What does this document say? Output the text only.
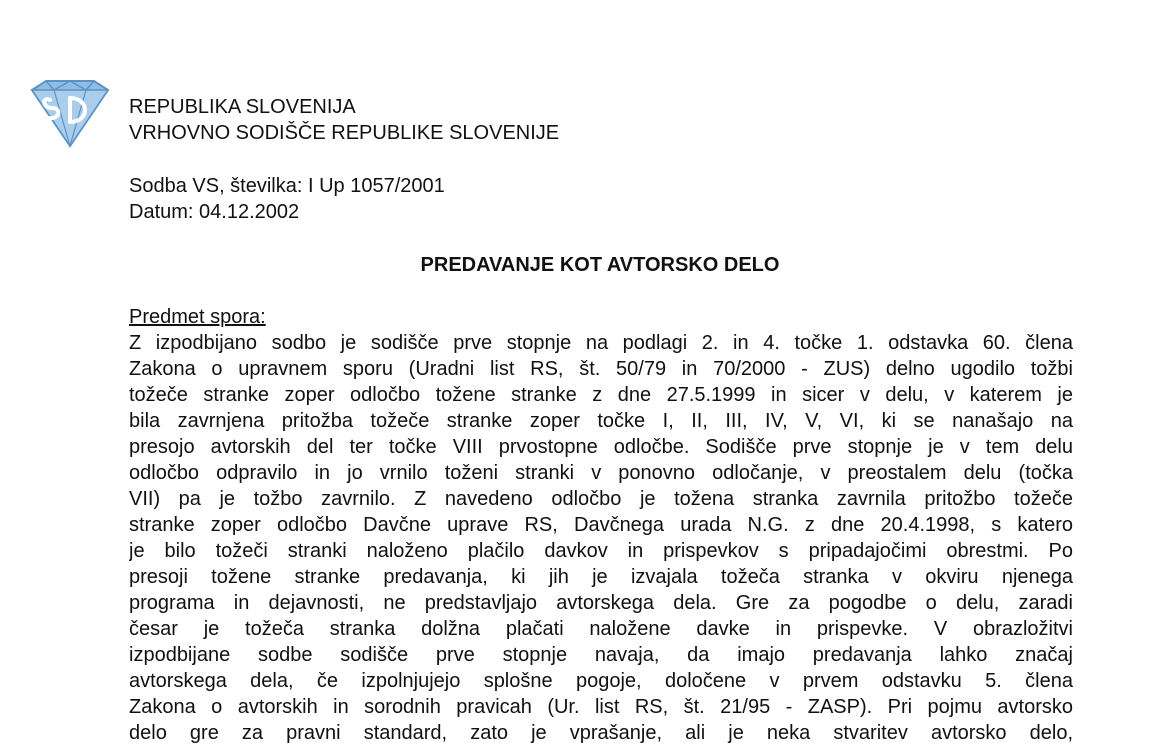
REPUBLIKA SLOVENIJA
VRHOVNO SODIŠČE REPUBLIKE SLOVENIJE
Sodba VS, številka: I Up 1057/2001
Datum: 04.12.2002
PREDAVANJE KOT AVTORSKO DELO
Predmet spora:
Z izpodbijano sodbo je sodišče prve stopnje na podlagi 2. in 4. točke 1. odstavka 60. člena
Zakona o upravnem sporu (Uradni list RS, št. 50/79 in 70/2000 - ZUS) delno ugodilo tožbi
tožeče stranke zoper odločbo tožene stranke z dne 27.5.1999 in sicer v delu, v katerem je
bila zavrnjena pritožba tožeče stranke zoper točke I, II, III, IV, V, VI, ki se nanašajo na
presojo avtorskih del ter točke VIII prvostopne odločbe. Sodišče prve stopnje je v tem delu
odločbo odpravilo in jo vrnilo toženi stranki v ponovno odločanje, v preostalem delu (točka
VII) pa je tožbo zavrnilo. Z navedeno odločbo je tožena stranka zavrnila pritožbo tožeče
stranke zoper odločbo Davčne uprave RS, Davčnega urada N.G. z dne 20.4.1998, s katero
je bilo tožeči stranki naloženo plačilo davkov in prispevkov s pripadajočimi obrestmi. Po
presoji tožene stranke predavanja, ki jih je izvajala tožeča stranka v okviru njenega
programa in dejavnosti, ne predstavljajo avtorskega dela. Gre za pogodbe o delu, zaradi
česar je tožeča stranka dolžna plačati naložene davke in prispevke. V obrazložitvi
izpodbijane sodbe sodišče prve stopnje navaja, da imajo predavanja lahko značaj
avtorskega dela, če izpolnjujejo splošne pogoje, določene v prvem odstavku 5. člena
Zakona o avtorskih in sorodnih pravicah (Ur. list RS, št. 21/95 - ZASP). Pri pojmu avtorsko
delo gre za pravni standard, zato je vprašanje, ali je neka stvaritev avtorsko delo,
